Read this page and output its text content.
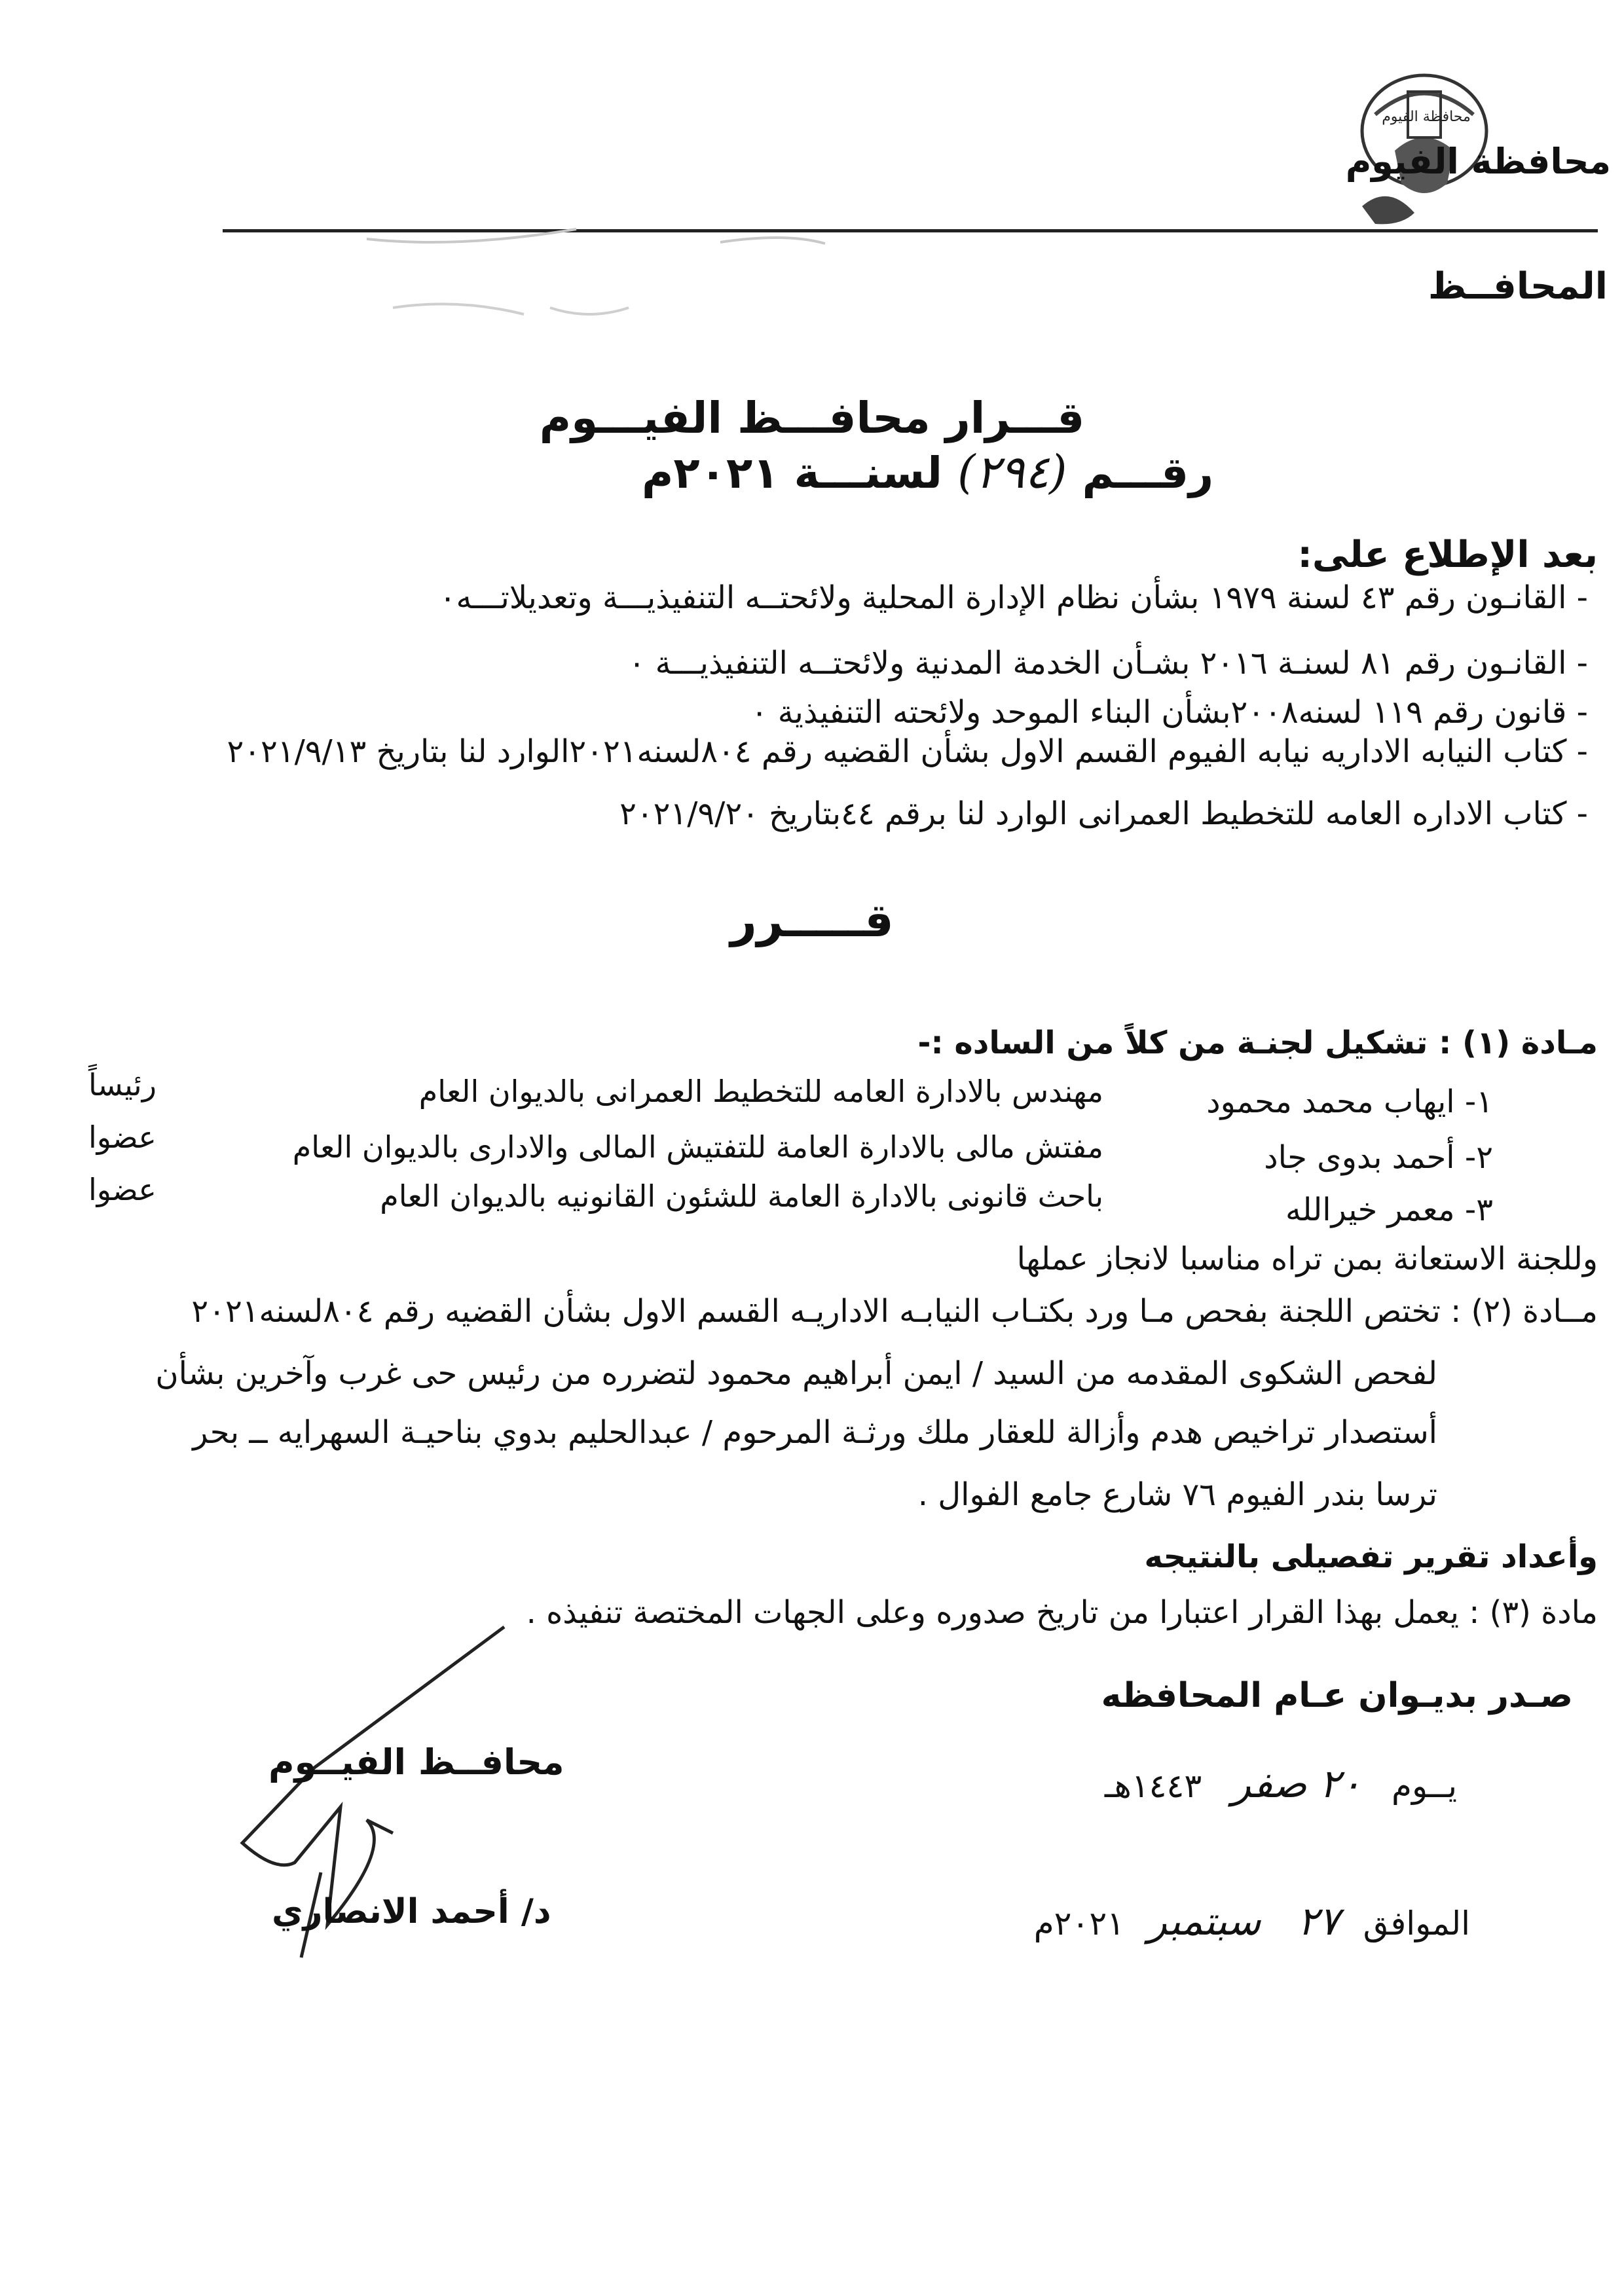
محافظة الفيوم
محافظة الفيوم
المحافــظ
قـــرار محافـــظ الفيـــوم
رقـــم (٢٩٤) لسنـــة ٢٠٢١م
بعد الإطلاع على:
- القانـون رقم ٤٣ لسنة ١٩٧٩ بشأن نظام الإدارة المحلية ولائحتــه التنفيذيـــة وتعديلاتـــه٠
- القانـون رقم ٨١ لسنـة ٢٠١٦ بشـأن الخدمة المدنية ولائحتــه التنفيذيـــة ٠
- قانون رقم ١١٩ لسنه٢٠٠٨بشأن البناء الموحد ولائحته التنفيذية ٠
- كتاب النيابه الاداريه نيابه الفيوم القسم الاول بشأن القضيه رقم ٨٠٤لسنه٢٠٢١الوارد لنا بتاريخ ٢٠٢١/٩/١٣
- كتاب الاداره العامه للتخطيط العمرانى الوارد لنا برقم ٤٤بتاريخ ٢٠٢١/٩/٢٠
قـــــرر
مـادة (١) : تشكيل لجنـة من كلاً من الساده :-
١- ايهاب محمد محمود
مهندس بالادارة العامه للتخطيط العمرانى بالديوان العام
رئيساً
٢- أحمد بدوى جاد
مفتش مالى بالادارة العامة للتفتيش المالى والادارى بالديوان العام
عضوا
٣- معمر خيرالله
باحث قانونى بالادارة العامة للشئون القانونيه بالديوان العام
عضوا
وللجنة الاستعانة بمن تراه مناسبا لانجاز عملها
مــادة (٢) : تختص اللجنة بفحص مـا ورد بكتـاب النيابـه الاداريـه القسم الاول بشأن القضيه رقم ٨٠٤لسنه٢٠٢١
لفحص الشكوى المقدمه من السيد / ايمن أبراهيم محمود لتضرره من رئيس حى غرب وآخرين بشأن
أستصدار تراخيص هدم وأزالة للعقار ملك ورثـة المرحوم / عبدالحليم بدوي بناحيـة السهرايه ــ بحر
ترسا بندر الفيوم ٧٦ شارع جامع الفوال .
وأعداد تقرير تفصيلى بالنتيجه
مادة (٣) : يعمل بهذا القرار اعتبارا من تاريخ صدوره وعلى الجهات المختصة تنفيذه .
صـدر بديـوان عـام المحافظه
يــوم ٢٠ صفر ١٤٤٣هـ
الموافق ٢٧ سبتمبر ٢٠٢١م
محافــظ الفيــوم
د/ أحمد الانصاري
